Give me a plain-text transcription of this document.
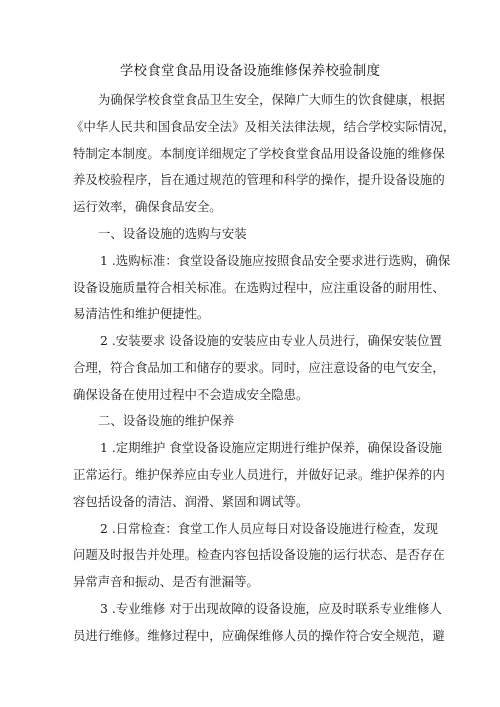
学校食堂食品用设备设施维修保养校验制度
为确保学校食堂食品卫生安全，保障广大师生的饮食健康，根据
《中华人民共和国食品安全法》及相关法律法规，结合学校实际情况，
特制定本制度。本制度详细规定了学校食堂食品用设备设施的维修保
养及校验程序，旨在通过规范的管理和科学的操作，提升设备设施的
运行效率，确保食品安全。
一、设备设施的选购与安装
1 .选购标准：食堂设备设施应按照食品安全要求进行选购，确保
设备设施质量符合相关标准。在选购过程中，应注重设备的耐用性、
易清洁性和维护便捷性。
2 .安装要求 设备设施的安装应由专业人员进行，确保安装位置
合理，符合食品加工和储存的要求。同时，应注意设备的电气安全，
确保设备在使用过程中不会造成安全隐患。
二、设备设施的维护保养
1 .定期维护 食堂设备设施应定期进行维护保养，确保设备设施
正常运行。维护保养应由专业人员进行，并做好记录。维护保养的内
容包括设备的清洁、润滑、紧固和调试等。
2 .日常检查：食堂工作人员应每日对设备设施进行检查，发现
问题及时报告并处理。检查内容包括设备设施的运行状态、是否存在
异常声音和振动、是否有泄漏等。
3 .专业维修 对于出现故障的设备设施，应及时联系专业维修人
员进行维修。维修过程中，应确保维修人员的操作符合安全规范，避
